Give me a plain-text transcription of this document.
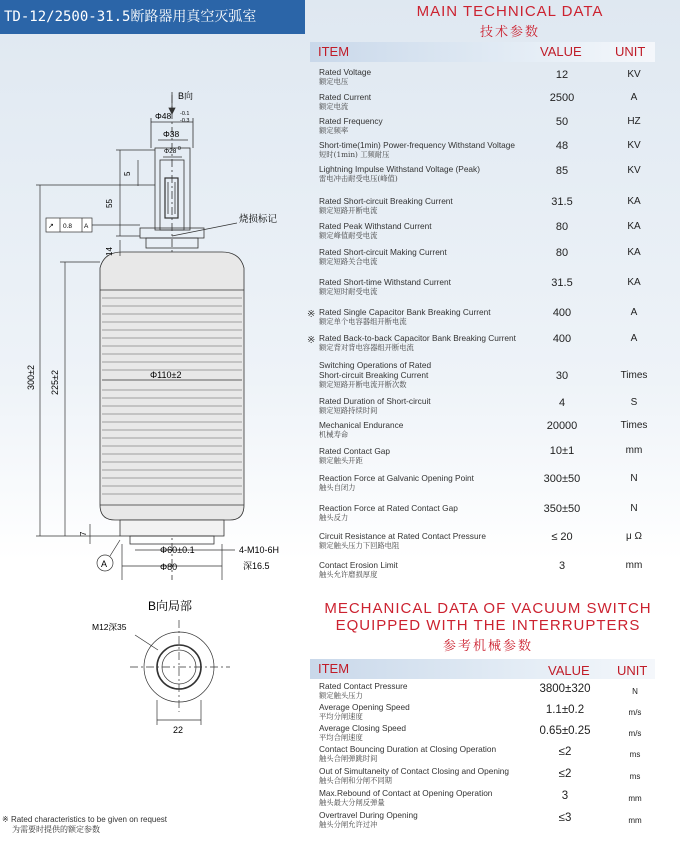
TD-12/2500-31.5断路器用真空灭弧室
B向
Φ48 -0.1
-0.3
Φ38
Φ28 0
5
55
14
烧损标记
↗ 0.8 A
300±2 225±2	Φ110±2
7
Φ60±0.1
Φ80
4-M10-6H
深16.5
A
B向局部
M12深35
22
MAIN TECHNICAL DATA
技术参数
ITEM	VALUE	UNIT
Rated Voltage
额定电压
12	KV
Rated Current
额定电流
2500	A
Rated Frequency
额定频率
50	HZ
Short-time(1min) Power-frequency Withstand Voltage
短时(1min) 工频耐压
48	KV
Lightning Impulse Withstand Voltage (Peak)
雷电冲击耐受电压(峰值)
85	KV
Rated Short-circuit Breaking Current
额定短路开断电流
31.5	KA
Rated Peak Withstand Current
额定峰值耐受电流
80	KA
Rated Short-circuit Making Current
额定短路关合电流
80	KA
Rated Short-time Withstand Current
额定短时耐受电流
31.5	KA
Rated Single Capacitor Bank Breaking Current
额定单个电容器组开断电流
400	A
Rated Back-to-back Capacitor Bank Breaking Current
额定背对背电容器组开断电流
400	A
Switching Operations of Rated
Short-circuit Breaking Current
额定短路开断电流开断次数
30	Times
Rated Duration of Short-circuit
额定短路持续时间
4	S
Mechanical Endurance
机械寿命
20000	Times
Rated Contact Gap
额定触头开距
10±1	mm
Reaction Force at Galvanic Opening Point
触头自闭力
300±50	N
Reaction Force at Rated Contact Gap
触头反力
350±50	N
Circuit Resistance at Rated Contact Pressure
额定触头压力下回路电阻
≤ 20	μ Ω
Contact Erosion Limit
触头允许磨损厚度
3	mm
※
※
MECHANICAL DATA OF VACUUM SWITCH
EQUIPPED WITH THE INTERRUPTERS
参考机械参数
ITEM	VALUE UNIT
Rated Contact Pressure
额定触头压力
3800±320	N
Average Opening Speed
平均分闸速度
1.1±0.2	m/s
Average Closing Speed
平均合闸速度
0.65±0.25	m/s
Contact Bouncing Duration at Closing Operation
触头合闸弹跳时间
≤2	ms
Out of Simultaneity of Contact Closing and Opening
触头合闸和分闸不同期
≤2	ms
Max.Rebound of Contact at Opening Operation
触头最大分闸反弹量
3	mm
Overtravel During Opening
触头分闸允许过冲
≤3	mm
※ Rated characteristics to be given on request
为需要时提供的额定参数
